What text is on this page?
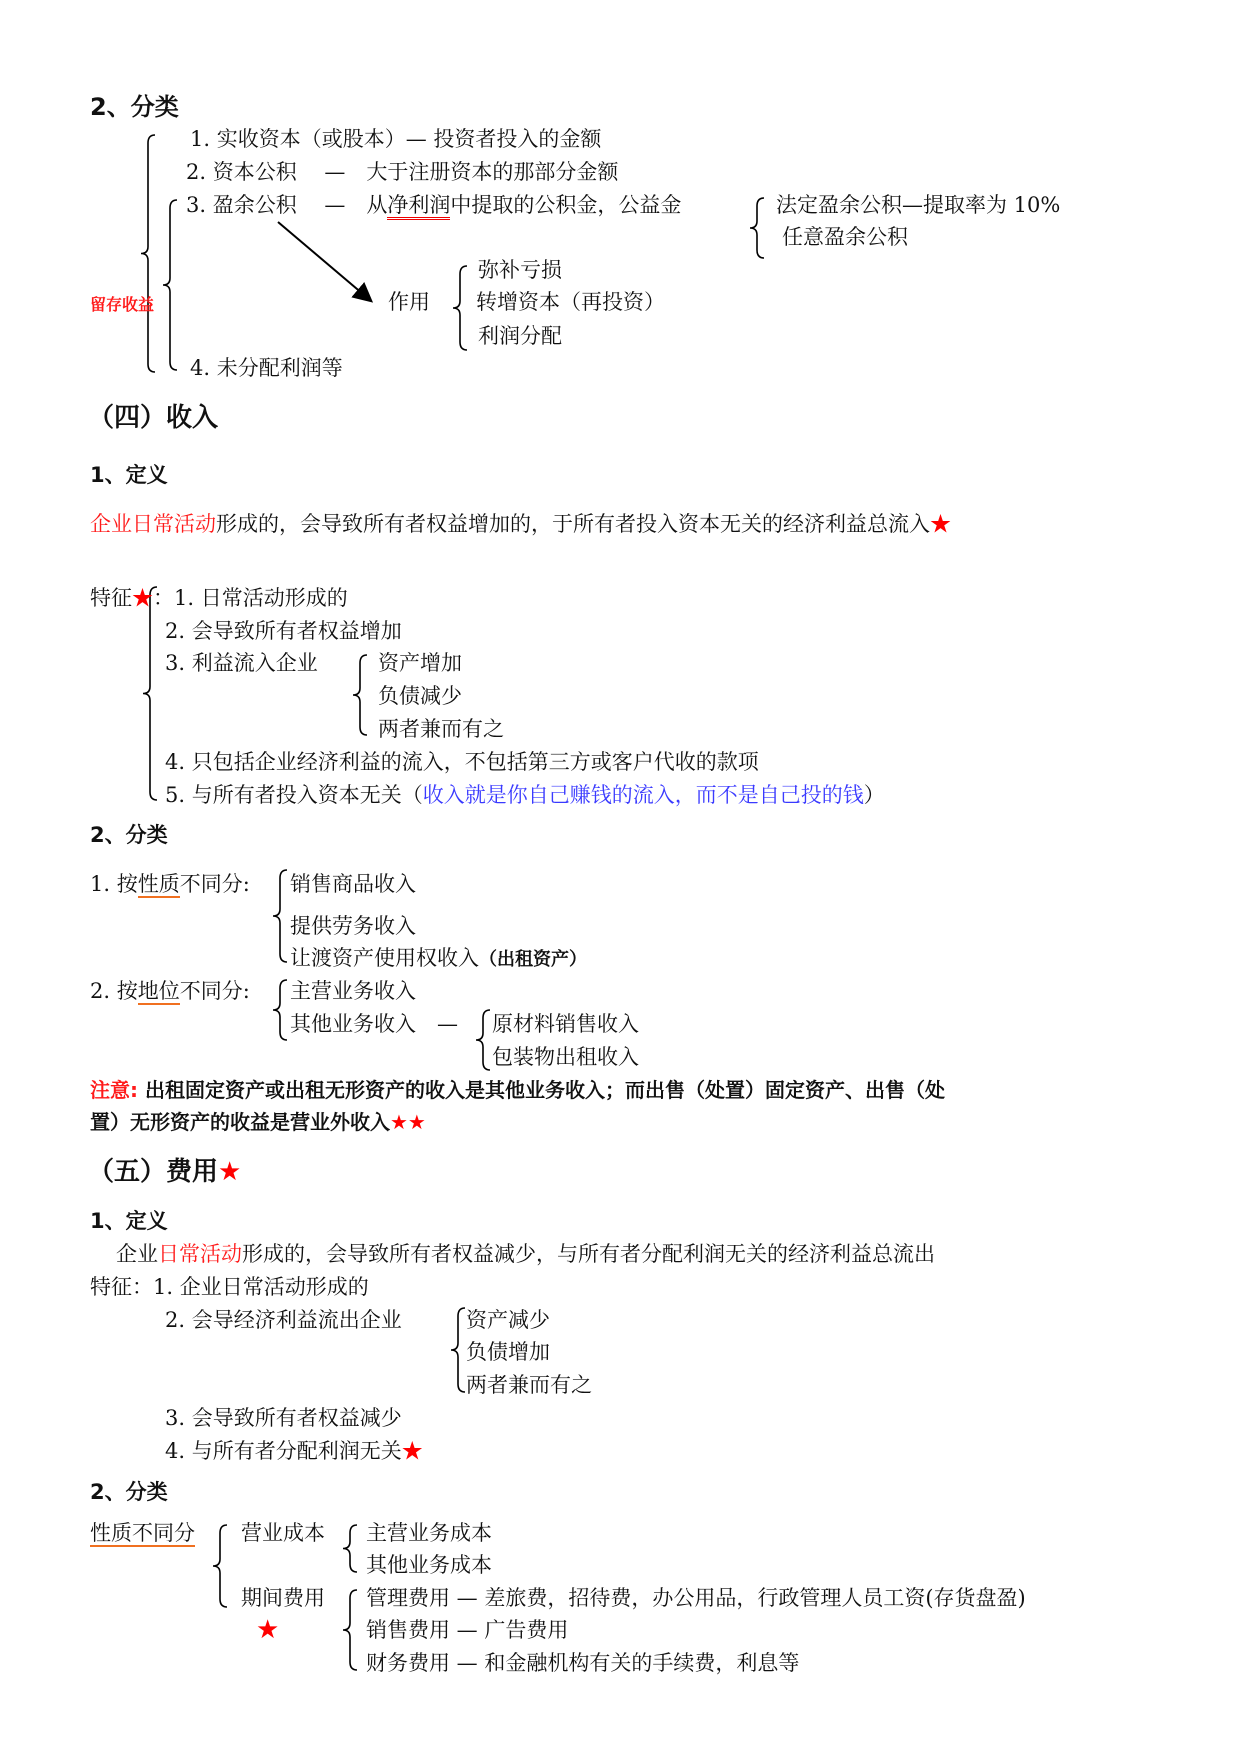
2、分类
1. 实收资本（或股本）— 投资者投入的金额
2. 资本公积　 —　大于注册资本的那部分金额
3. 盈余公积 　—　从净利润中提取的公积金，公益金	法定盈余公积—提取率为 10%
任意盈余公积
作用
弥补亏损
转增资本（再投资）
利润分配
留存收益
4. 未分配利润等
（四）收入
1、定义
企业日常活动形成的，会导致所有者权益增加的，于所有者投入资本无关的经济利益总流入★
特征★：1. 日常活动形成的
2. 会导致所有者权益增加
3. 利益流入企业	资产增加
负债减少
两者兼而有之
4. 只包括企业经济利益的流入，不包括第三方或客户代收的款项
5. 与所有者投入资本无关（收入就是你自己赚钱的流入，而不是自己投的钱）
2、分类
1. 按性质不同分: 销售商品收入
提供劳务收入
让渡资产使用权收入（出租资产）
2. 按地位不同分: 主营业务收入
其他业务收入　— 原材料销售收入
包装物出租收入
注意: 出租固定资产或出租无形资产的收入是其他业务收入；而出售（处置）固定资产、出售（处
置）无形资产的收益是营业外收入★★
（五）费用★
1、定义
企业日常活动形成的，会导致所有者权益减少，与所有者分配利润无关的经济利益总流出
特征：1. 企业日常活动形成的
2. 会导经济利益流出企业	资产减少
负债增加
两者兼而有之
3. 会导致所有者权益减少
4. 与所有者分配利润无关★
2、分类
性质不同分 营业成本 主营业务成本
其他业务成本
期间费用
★
管理费用 — 差旅费，招待费，办公用品，行政管理人员工资(存货盘盈)
销售费用 — 广告费用
财务费用 — 和金融机构有关的手续费，利息等
